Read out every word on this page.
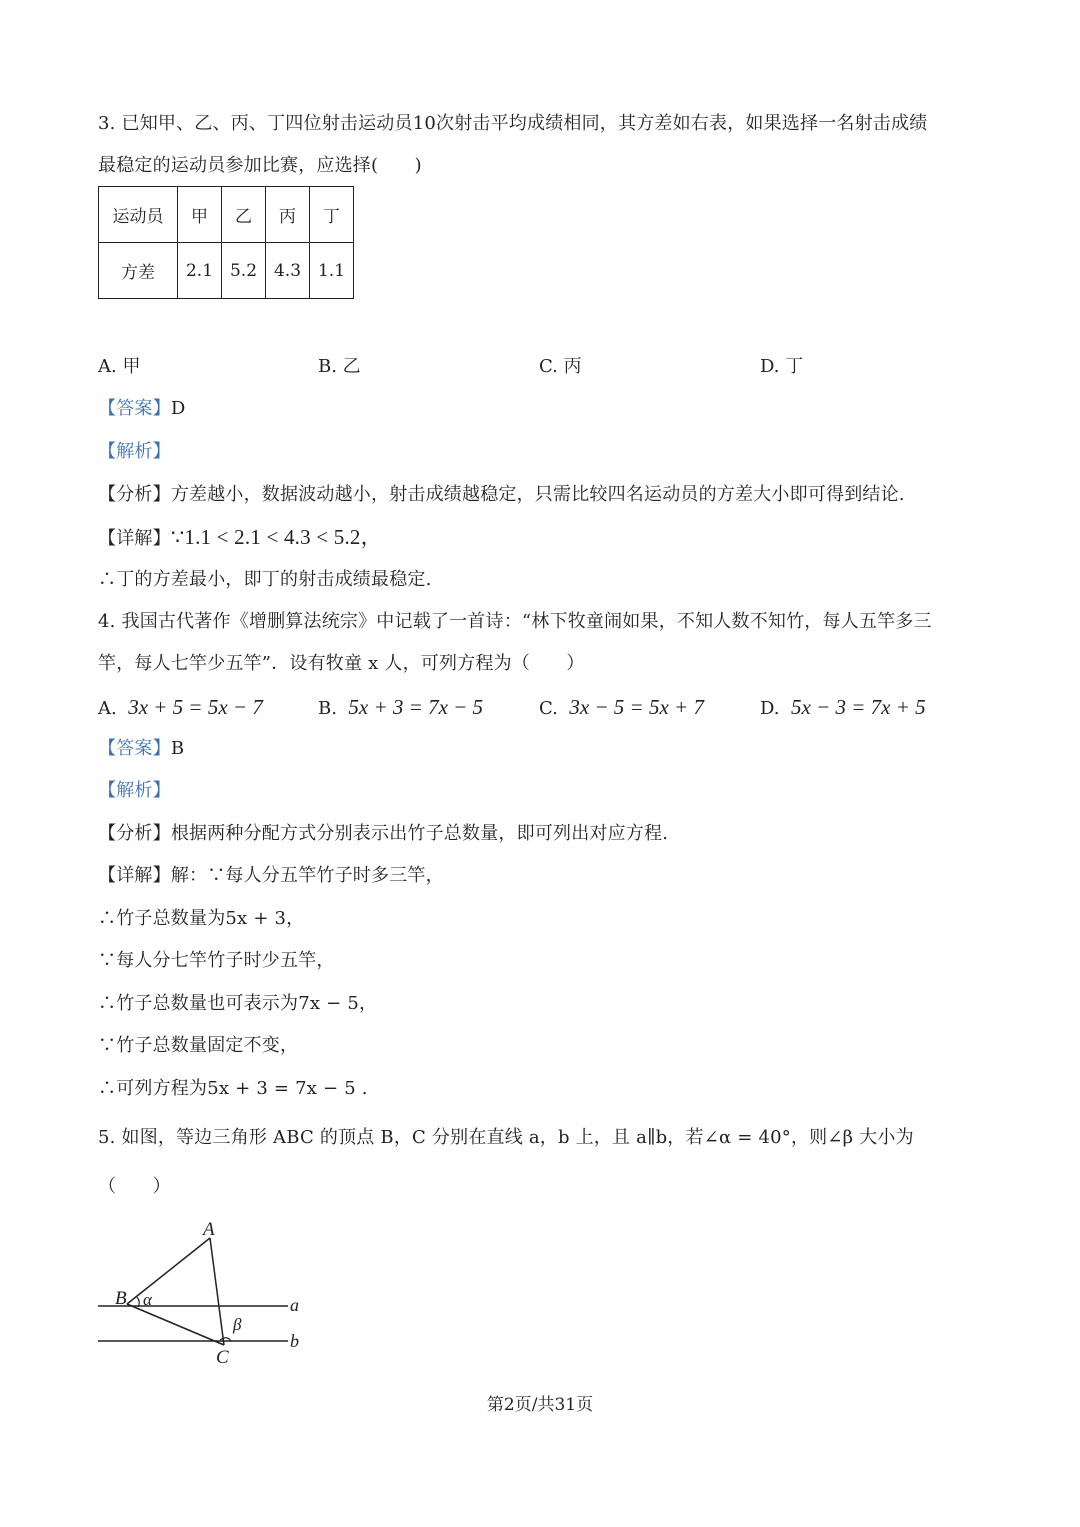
3. 已知甲、乙、丙、丁四位射击运动员10次射击平均成绩相同，其方差如右表，如果选择一名射击成绩
最稳定的运动员参加比赛，应选择(　　)
运动员	甲	乙	丙	丁
方差	2.1	5.2	4.3	1.1
A. 甲	B. 乙	C. 丙	D. 丁
【答案】D
【解析】
【分析】方差越小，数据波动越小，射击成绩越稳定，只需比较四名运动员的方差大小即可得到结论.
【详解】∵1.1 < 2.1 < 4.3 < 5.2，
∴丁的方差最小，即丁的射击成绩最稳定.
4. 我国古代著作《增删算法统宗》中记载了一首诗：“林下牧童闹如果，不知人数不知竹，每人五竿多三
竿，每人七竿少五竿”．设有牧童 x 人，可列方程为（　　）
A. 3x + 5 = 5x − 7	B. 5x + 3 = 7x − 5	C. 3x − 5 = 5x + 7	D. 5x − 3 = 7x + 5
【答案】B
【解析】
【分析】根据两种分配方式分别表示出竹子总数量，即可列出对应方程.
【详解】解：∵每人分五竿竹子时多三竿，
∴竹子总数量为5x + 3，
∵每人分七竿竹子时少五竿，
∴竹子总数量也可表示为7x − 5，
∵竹子总数量固定不变，
∴可列方程为5x + 3 = 7x − 5 .
5. 如图，等边三角形 ABC 的顶点 B，C 分别在直线 a，b 上，且 a∥b，若∠α = 40°，则∠β 大小为
（　　）
A
B
C
α
β
a
b
第2页/共31页
